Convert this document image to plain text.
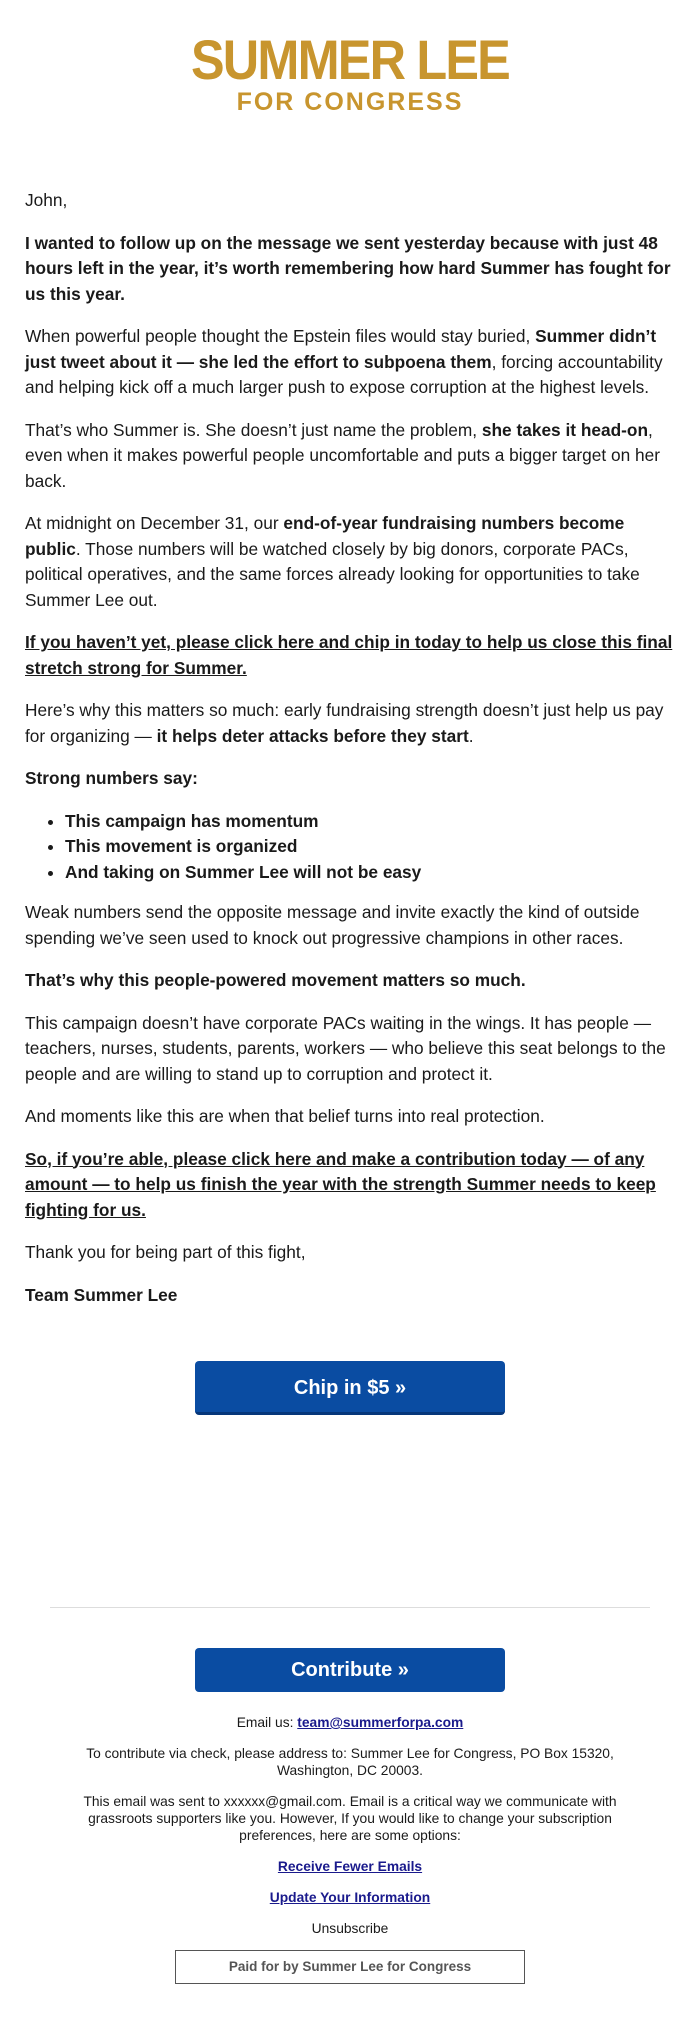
SUMMER LEE
FOR CONGRESS

John,

I wanted to follow up on the message we sent yesterday because with just 48 hours left in the year, it’s worth remembering how hard Summer has fought for us this year.

When powerful people thought the Epstein files would stay buried, Summer didn’t just tweet about it — she led the effort to subpoena them, forcing accountability and helping kick off a much larger push to expose corruption at the highest levels.

That’s who Summer is. She doesn’t just name the problem, she takes it head-on, even when it makes powerful people uncomfortable and puts a bigger target on her back.

At midnight on December 31, our end-of-year fundraising numbers become public. Those numbers will be watched closely by big donors, corporate PACs, political operatives, and the same forces already looking for opportunities to take Summer Lee out.

If you haven’t yet, please click here and chip in today to help us close this final stretch strong for Summer.

Here’s why this matters so much: early fundraising strength doesn’t just help us pay for organizing — it helps deter attacks before they start.

Strong numbers say:

• This campaign has momentum
• This movement is organized
• And taking on Summer Lee will not be easy

Weak numbers send the opposite message and invite exactly the kind of outside spending we’ve seen used to knock out progressive champions in other races.

That’s why this people-powered movement matters so much.

This campaign doesn’t have corporate PACs waiting in the wings. It has people — teachers, nurses, students, parents, workers — who believe this seat belongs to the people and are willing to stand up to corruption and protect it.

And moments like this are when that belief turns into real protection.

So, if you’re able, please click here and make a contribution today — of any amount — to help us finish the year with the strength Summer needs to keep fighting for us.

Thank you for being part of this fight,

Team Summer Lee

Chip in $5 »
Contribute »

Email us: team@summerforpa.com

To contribute via check, please address to: Summer Lee for Congress, PO Box 15320, Washington, DC 20003.

This email was sent to xxxxxx@gmail.com. Email is a critical way we communicate with grassroots supporters like you. However, If you would like to change your subscription preferences, here are some options:

Receive Fewer Emails

Update Your Information

Unsubscribe

Paid for by Summer Lee for Congress
